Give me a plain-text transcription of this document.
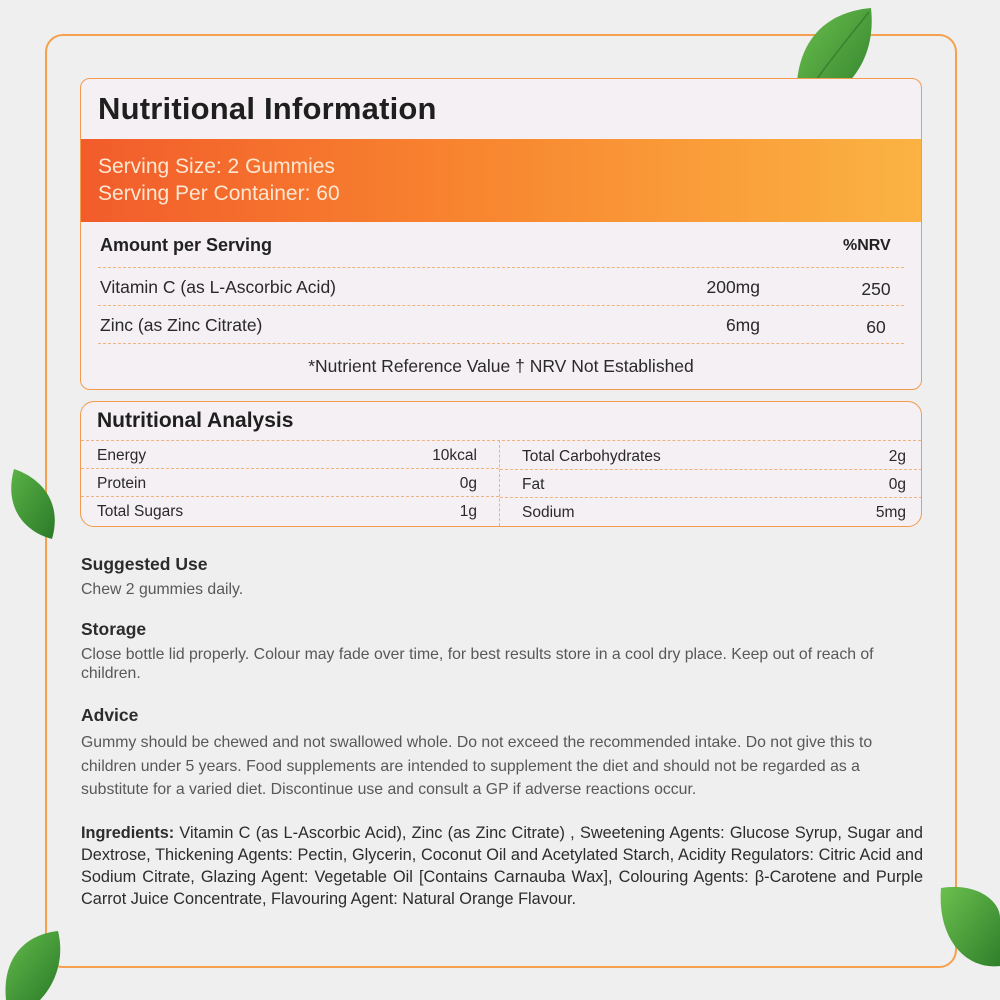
Nutritional Information
Serving Size: 2 Gummies
Serving Per Container: 60
Amount per Serving	%NRV
Vitamin C (as L-Ascorbic Acid)	200mg	250
Zinc (as Zinc Citrate)	6mg	60
*Nutrient Reference Value † NRV Not Established
Nutritional Analysis
Energy	10kcal
Protein	0g
Total Sugars	1g
Total Carbohydrates	2g
Fat	0g
Sodium	5mg
Suggested Use

Chew 2 gummies daily.

Storage

Close bottle lid properly. Colour may fade over time, for best results store in a cool dry place. Keep out of reach of children.

Advice

Gummy should be chewed and not swallowed whole. Do not exceed the recommended intake. Do not give this to children under 5 years. Food supplements are intended to supplement the diet and should not be regarded as a substitute for a varied diet. Discontinue use and consult a GP if adverse reactions occur.

Ingredients: Vitamin C (as L-Ascorbic Acid), Zinc (as Zinc Citrate) , Sweetening Agents: Glucose Syrup, Sugar and Dextrose, Thickening Agents: Pectin, Glycerin, Coconut Oil and Acetylated Starch, Acidity Regulators: Citric Acid and Sodium Citrate, Glazing Agent: Vegetable Oil [Contains Carnauba Wax], Colouring Agents: β-Carotene and Purple Carrot Juice Concentrate, Flavouring Agent: Natural Orange Flavour.
